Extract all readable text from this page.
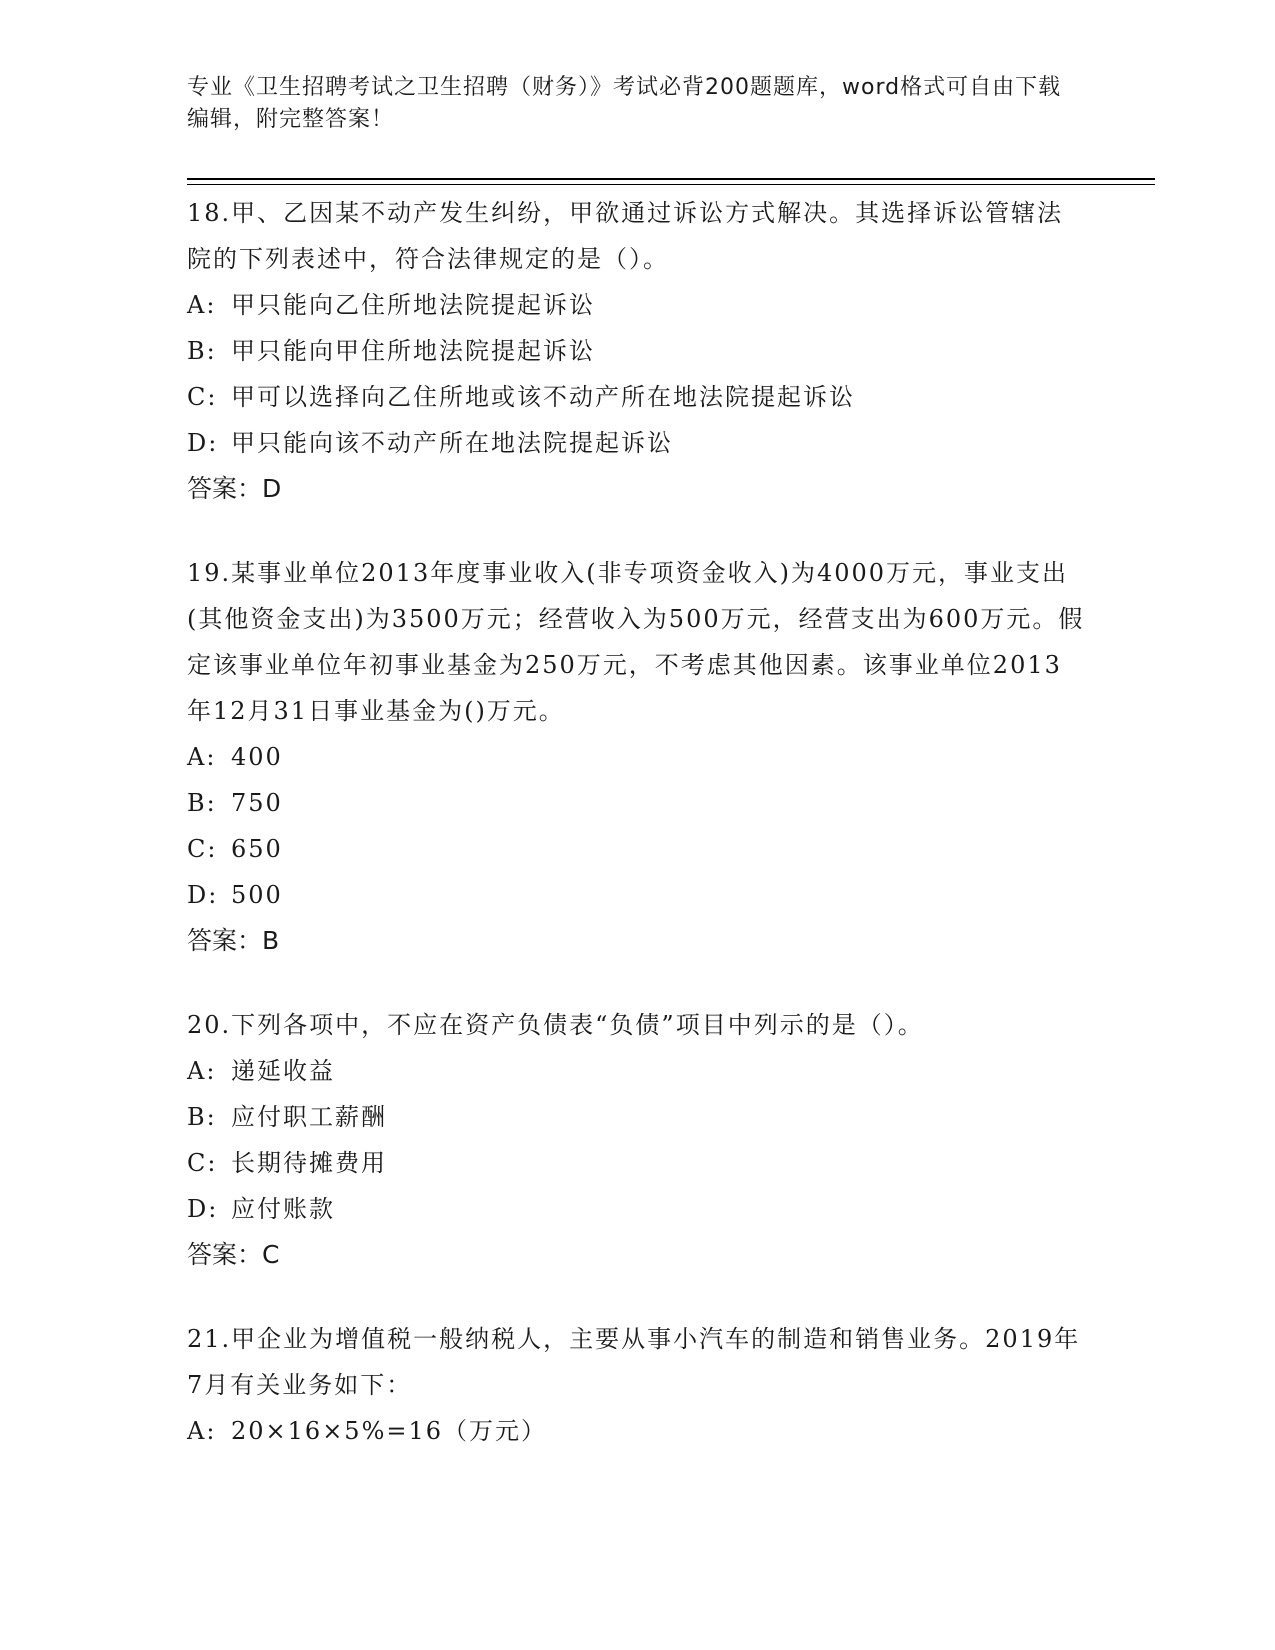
专业《卫生招聘考试之卫生招聘（财务）》考试必背200题题库，word格式可自由下载编辑，附完整答案！

18.甲、乙因某不动产发生纠纷，甲欲通过诉讼方式解决。其选择诉讼管辖法院的下列表述中，符合法律规定的是（）。

A: 甲只能向乙住所地法院提起诉讼

B: 甲只能向甲住所地法院提起诉讼

C: 甲可以选择向乙住所地或该不动产所在地法院提起诉讼

D: 甲只能向该不动产所在地法院提起诉讼

答案：D

19.某事业单位2013年度事业收入(非专项资金收入)为4000万元，事业支出(其他资金支出)为3500万元；经营收入为500万元，经营支出为600万元。假定该事业单位年初事业基金为250万元，不考虑其他因素。该事业单位2013年12月31日事业基金为()万元。

A: 400

B: 750

C: 650

D: 500

答案：B

20.下列各项中，不应在资产负债表“负债”项目中列示的是（）。

A: 递延收益

B: 应付职工薪酬

C: 长期待摊费用

D: 应付账款

答案：C

21.甲企业为增值税一般纳税人，主要从事小汽车的制造和销售业务。2019年7月有关业务如下：

A: 20×16×5%=16（万元）
